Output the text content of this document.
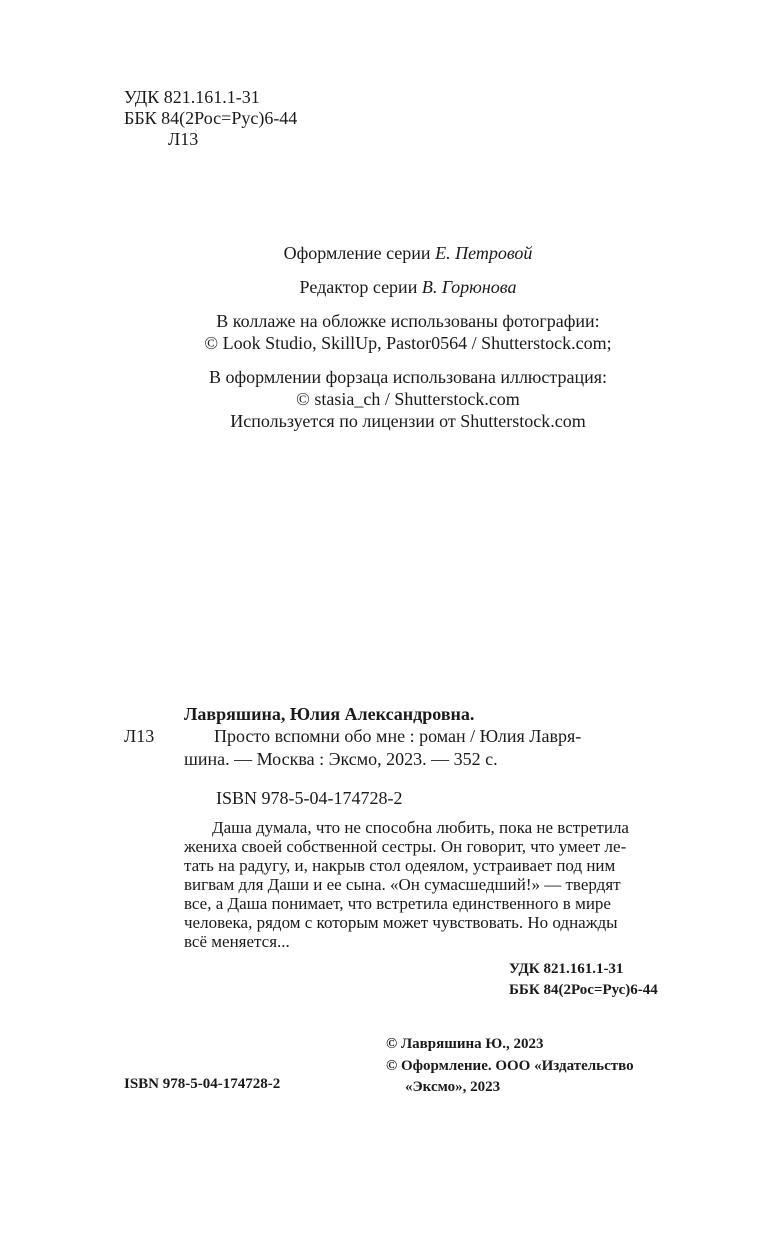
УДК 821.161.1-31
ББК 84(2Рос=Рус)6-44
Л13

Оформление серии Е. Петровой

Редактор серии В. Горюнова

В коллаже на обложке использованы фотографии:

© Look Studio, SkillUp, Pastor0564 / Shutterstock.com;

В оформлении форзаца использована иллюстрация:

© stasia_ch / Shutterstock.com

Используется по лицензии от Shutterstock.com

Лавряшина, Юлия Александровна.
Л13	Просто вспомни обо мне : роман / Юлия Лавря-
шина. — Москва : Эксмо, 2023. — 352 с.
ISBN 978-5-04-174728-2
Даша думала, что не способна любить, пока не встретила
жениха своей собственной сестры. Он говорит, что умеет ле-
тать на радугу, и, накрыв стол одеялом, устраивает под ним
вигвам для Даши и ее сына. «Он сумасшедший!» — твердят
все, а Даша понимает, что встретила единственного в мире
человека, рядом с которым может чувствовать. Но однажды
всё меняется...
УДК 821.161.1-31
ББК 84(2Рос=Рус)6-44
© Лавряшина Ю., 2023
© Оформление. ООО «Издательство
«Эксмо», 2023
ISBN 978-5-04-174728-2
